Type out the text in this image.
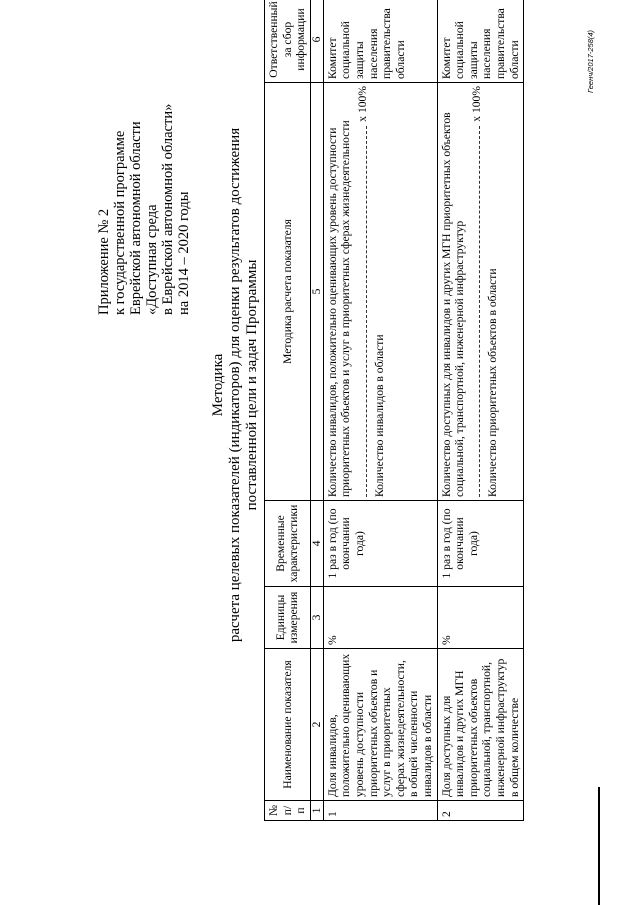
Приложение № 2 к государственной программе Еврейской автономной области «Доступная среда в Еврейской автономной области» на 2014 – 2020 годы
Методика расчета целевых показателей (индикаторов) для оценки результатов достижения поставленной цели и задач Программы
№ п/п	Наименование показателя	Единицы измерения	Временные характеристики	Методика расчета показателя	Ответственный за сбор информации
1	2	3	4	5	6
1	Доля инвалидов, положительно оценивающих уровень доступности приоритетных объектов и услуг в приоритетных сферах жизнедеятельности, в общей численности инвалидов в области	%	1 раз в год (по окончании года)	Количество инвалидов, положительно оценивающих уровень доступности приоритетных объектов и услуг в приоритетных сферах жизнедеятельности
х 100%
Количество инвалидов в области	Комитет социальной защиты населения правительства области
2	Доля доступных для инвалидов и других МГН приоритетных объектов социальной, транспортной, инженерной инфраструктур в общем количестве	%	1 раз в год (по окончании года)	Количество доступных для инвалидов и других МГН приоритетных объектов социальной, транспортной, инженерной инфраструктур
х 100%
Количество приоритетных объектов в области	Комитет социальной защиты населения правительства области	Геенч/2017-258(4)
